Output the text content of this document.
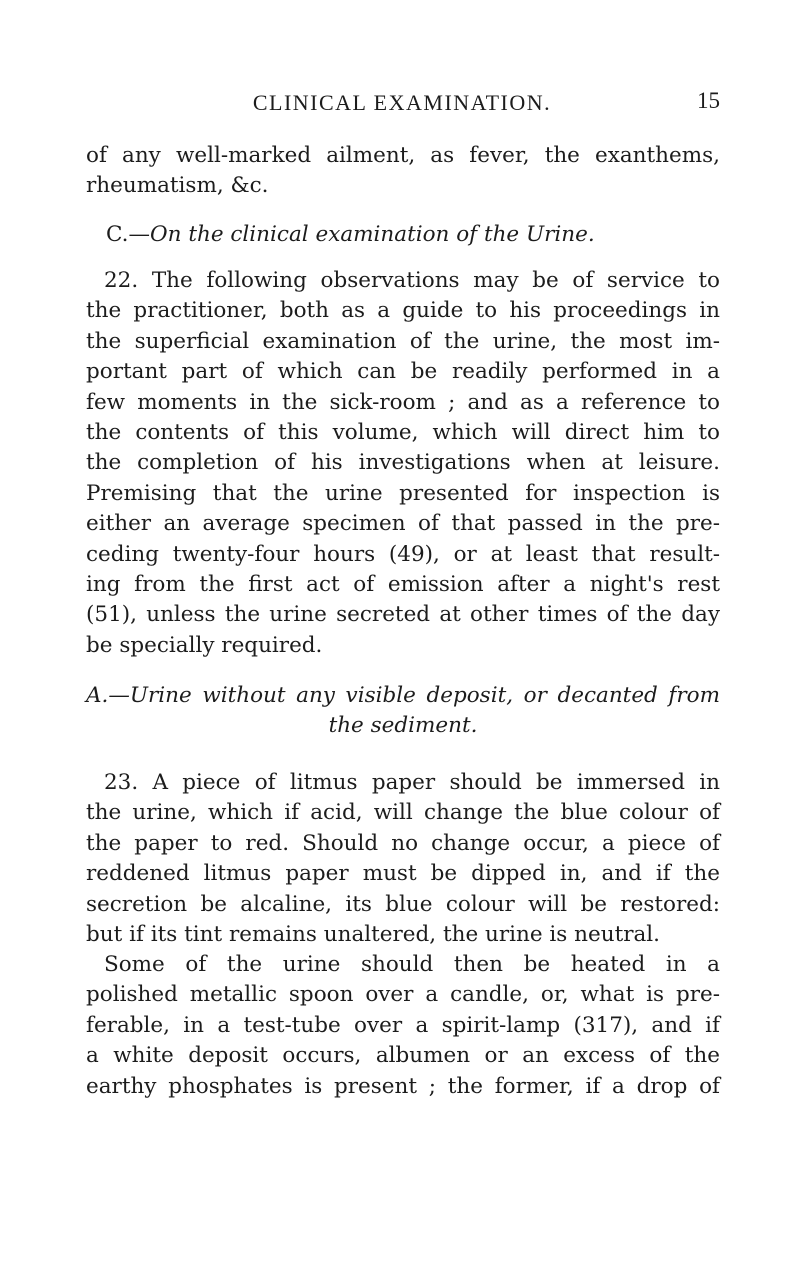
CLINICAL EXAMINATION.	15
of any well-marked ailment, as fever, the exanthems,
rheumatism, &c.
C.—On the clinical examination of the Urine.
22. The following observations may be of service to
the practitioner, both as a guide to his proceedings in
the superficial examination of the urine, the most im-
portant part of which can be readily performed in a
few moments in the sick-room ; and as a reference to
the contents of this volume, which will direct him to
the completion of his investigations when at leisure.
Premising that the urine presented for inspection is
either an average specimen of that passed in the pre-
ceding twenty-four hours (49), or at least that result-
ing from the first act of emission after a night's rest
(51), unless the urine secreted at other times of the day
be specially required.
A.—Urine without any visible deposit, or decanted from
the sediment.
23. A piece of litmus paper should be immersed in
the urine, which if acid, will change the blue colour of
the paper to red. Should no change occur, a piece of
reddened litmus paper must be dipped in, and if the
secretion be alcaline, its blue colour will be restored:
but if its tint remains unaltered, the urine is neutral.
Some of the urine should then be heated in a
polished metallic spoon over a candle, or, what is pre-
ferable, in a test-tube over a spirit-lamp (317), and if
a white deposit occurs, albumen or an excess of the
earthy phosphates is present ; the former, if a drop of
